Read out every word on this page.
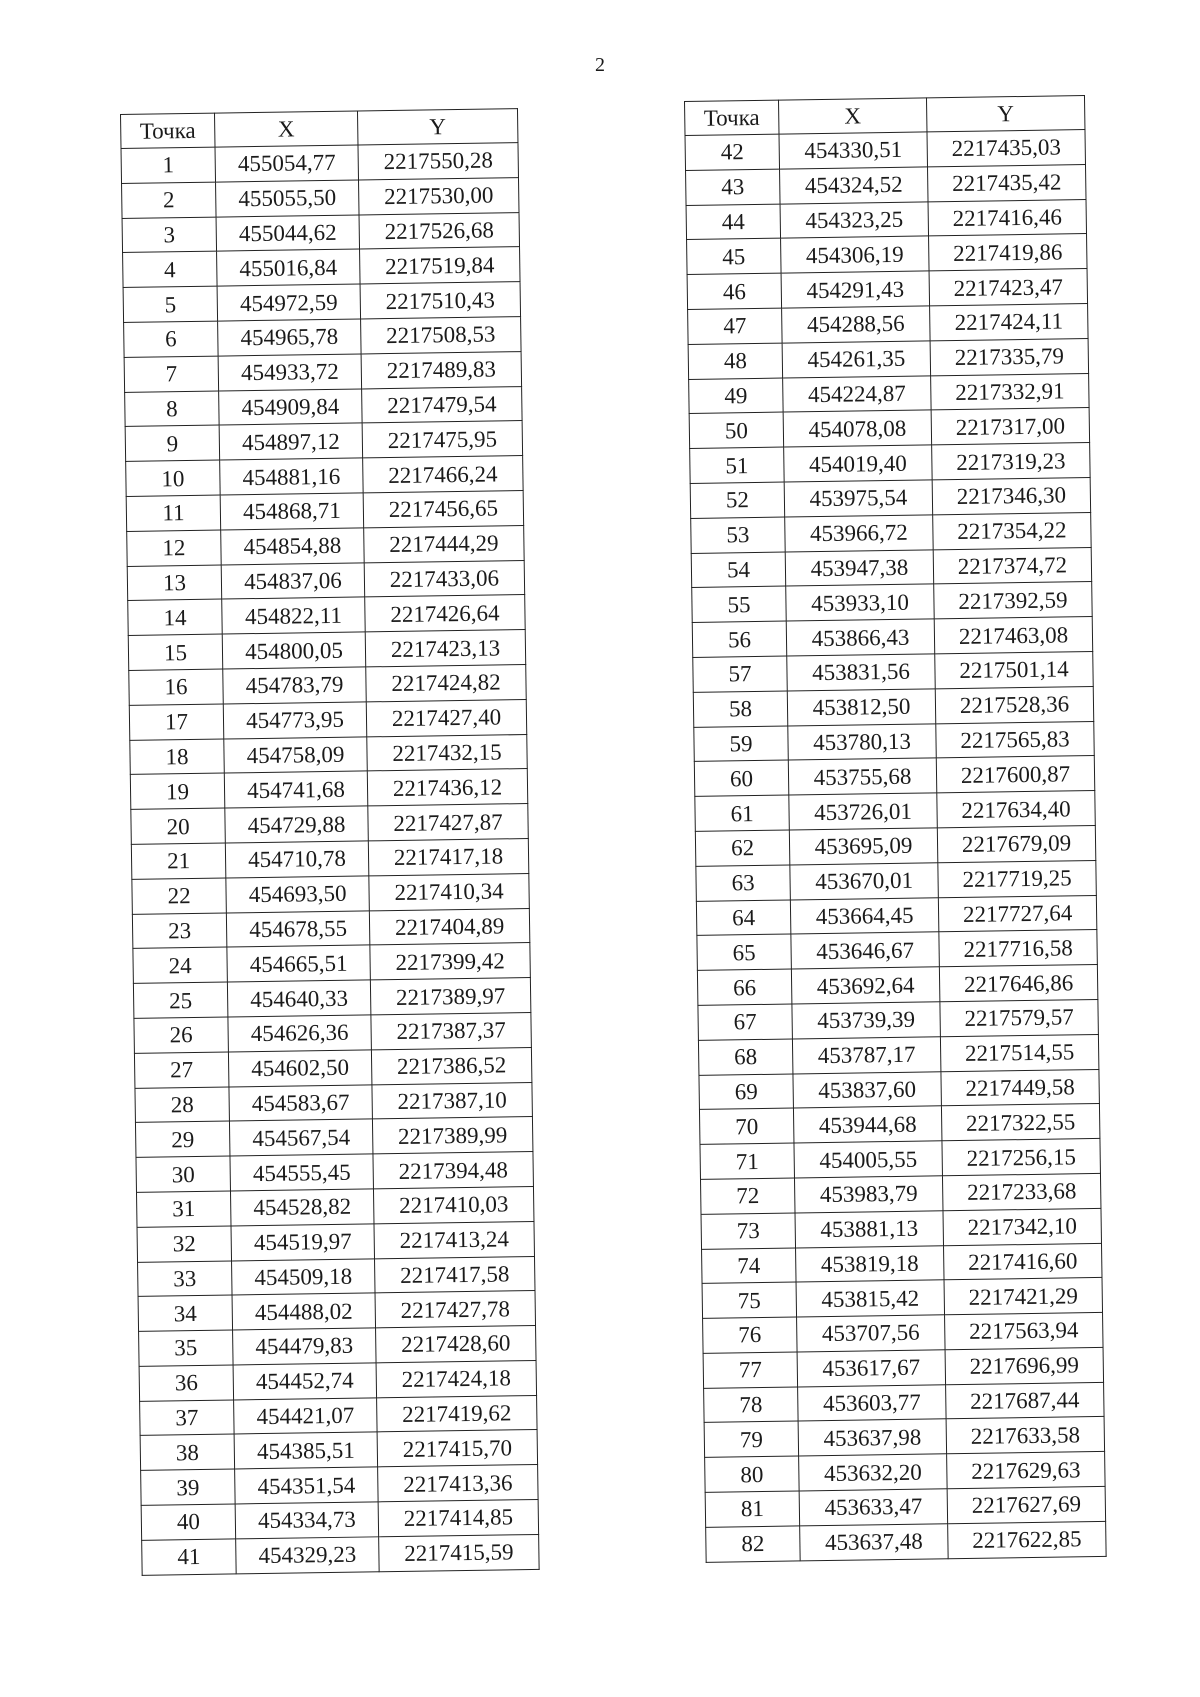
2
Точка	X	Y
1	455054,77	2217550,28
2	455055,50	2217530,00
3	455044,62	2217526,68
4	455016,84	2217519,84
5	454972,59	2217510,43
6	454965,78	2217508,53
7	454933,72	2217489,83
8	454909,84	2217479,54
9	454897,12	2217475,95
10	454881,16	2217466,24
11	454868,71	2217456,65
12	454854,88	2217444,29
13	454837,06	2217433,06
14	454822,11	2217426,64
15	454800,05	2217423,13
16	454783,79	2217424,82
17	454773,95	2217427,40
18	454758,09	2217432,15
19	454741,68	2217436,12
20	454729,88	2217427,87
21	454710,78	2217417,18
22	454693,50	2217410,34
23	454678,55	2217404,89
24	454665,51	2217399,42
25	454640,33	2217389,97
26	454626,36	2217387,37
27	454602,50	2217386,52
28	454583,67	2217387,10
29	454567,54	2217389,99
30	454555,45	2217394,48
31	454528,82	2217410,03
32	454519,97	2217413,24
33	454509,18	2217417,58
34	454488,02	2217427,78
35	454479,83	2217428,60
36	454452,74	2217424,18
37	454421,07	2217419,62
38	454385,51	2217415,70
39	454351,54	2217413,36
40	454334,73	2217414,85
41	454329,23	2217415,59
Точка	X	Y
42	454330,51	2217435,03
43	454324,52	2217435,42
44	454323,25	2217416,46
45	454306,19	2217419,86
46	454291,43	2217423,47
47	454288,56	2217424,11
48	454261,35	2217335,79
49	454224,87	2217332,91
50	454078,08	2217317,00
51	454019,40	2217319,23
52	453975,54	2217346,30
53	453966,72	2217354,22
54	453947,38	2217374,72
55	453933,10	2217392,59
56	453866,43	2217463,08
57	453831,56	2217501,14
58	453812,50	2217528,36
59	453780,13	2217565,83
60	453755,68	2217600,87
61	453726,01	2217634,40
62	453695,09	2217679,09
63	453670,01	2217719,25
64	453664,45	2217727,64
65	453646,67	2217716,58
66	453692,64	2217646,86
67	453739,39	2217579,57
68	453787,17	2217514,55
69	453837,60	2217449,58
70	453944,68	2217322,55
71	454005,55	2217256,15
72	453983,79	2217233,68
73	453881,13	2217342,10
74	453819,18	2217416,60
75	453815,42	2217421,29
76	453707,56	2217563,94
77	453617,67	2217696,99
78	453603,77	2217687,44
79	453637,98	2217633,58
80	453632,20	2217629,63
81	453633,47	2217627,69
82	453637,48	2217622,85
